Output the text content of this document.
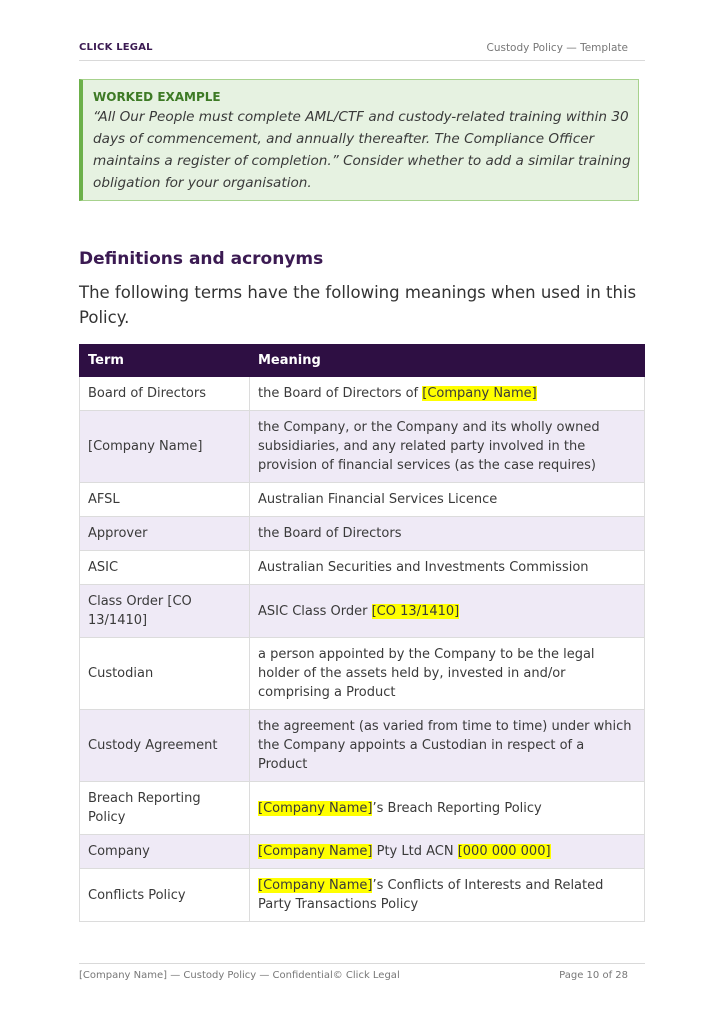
CLICK LEGAL	Custody Policy — Template
WORKED EXAMPLE
“All Our People must complete AML/CTF and custody-related training within 30 days of commencement, and annually thereafter. The Compliance Officer maintains a register of completion.” Consider whether to add a similar training obligation for your organisation.
Definitions and acronyms

The following terms have the following meanings when used in this Policy.

Term	Meaning
Board of Directors	the Board of Directors of [Company Name]
[Company Name]	the Company, or the Company and its wholly owned subsidiaries, and any related party involved in the provision of financial services (as the case requires)
AFSL	Australian Financial Services Licence
Approver	the Board of Directors
ASIC	Australian Securities and Investments Commission
Class Order [CO 13/1410]	ASIC Class Order [CO 13/1410]
Custodian	a person appointed by the Company to be the legal holder of the assets held by, invested in and/or comprising a Product
Custody Agreement	the agreement (as varied from time to time) under which the Company appoints a Custodian in respect of a Product
Breach Reporting Policy	[Company Name]’s Breach Reporting Policy
Company	[Company Name] Pty Ltd ACN [000 000 000]
Conflicts Policy	[Company Name]’s Conflicts of Interests and Related Party Transactions Policy
[Company Name] — Custody Policy — Confidential© Click Legal	Page 10 of 28
